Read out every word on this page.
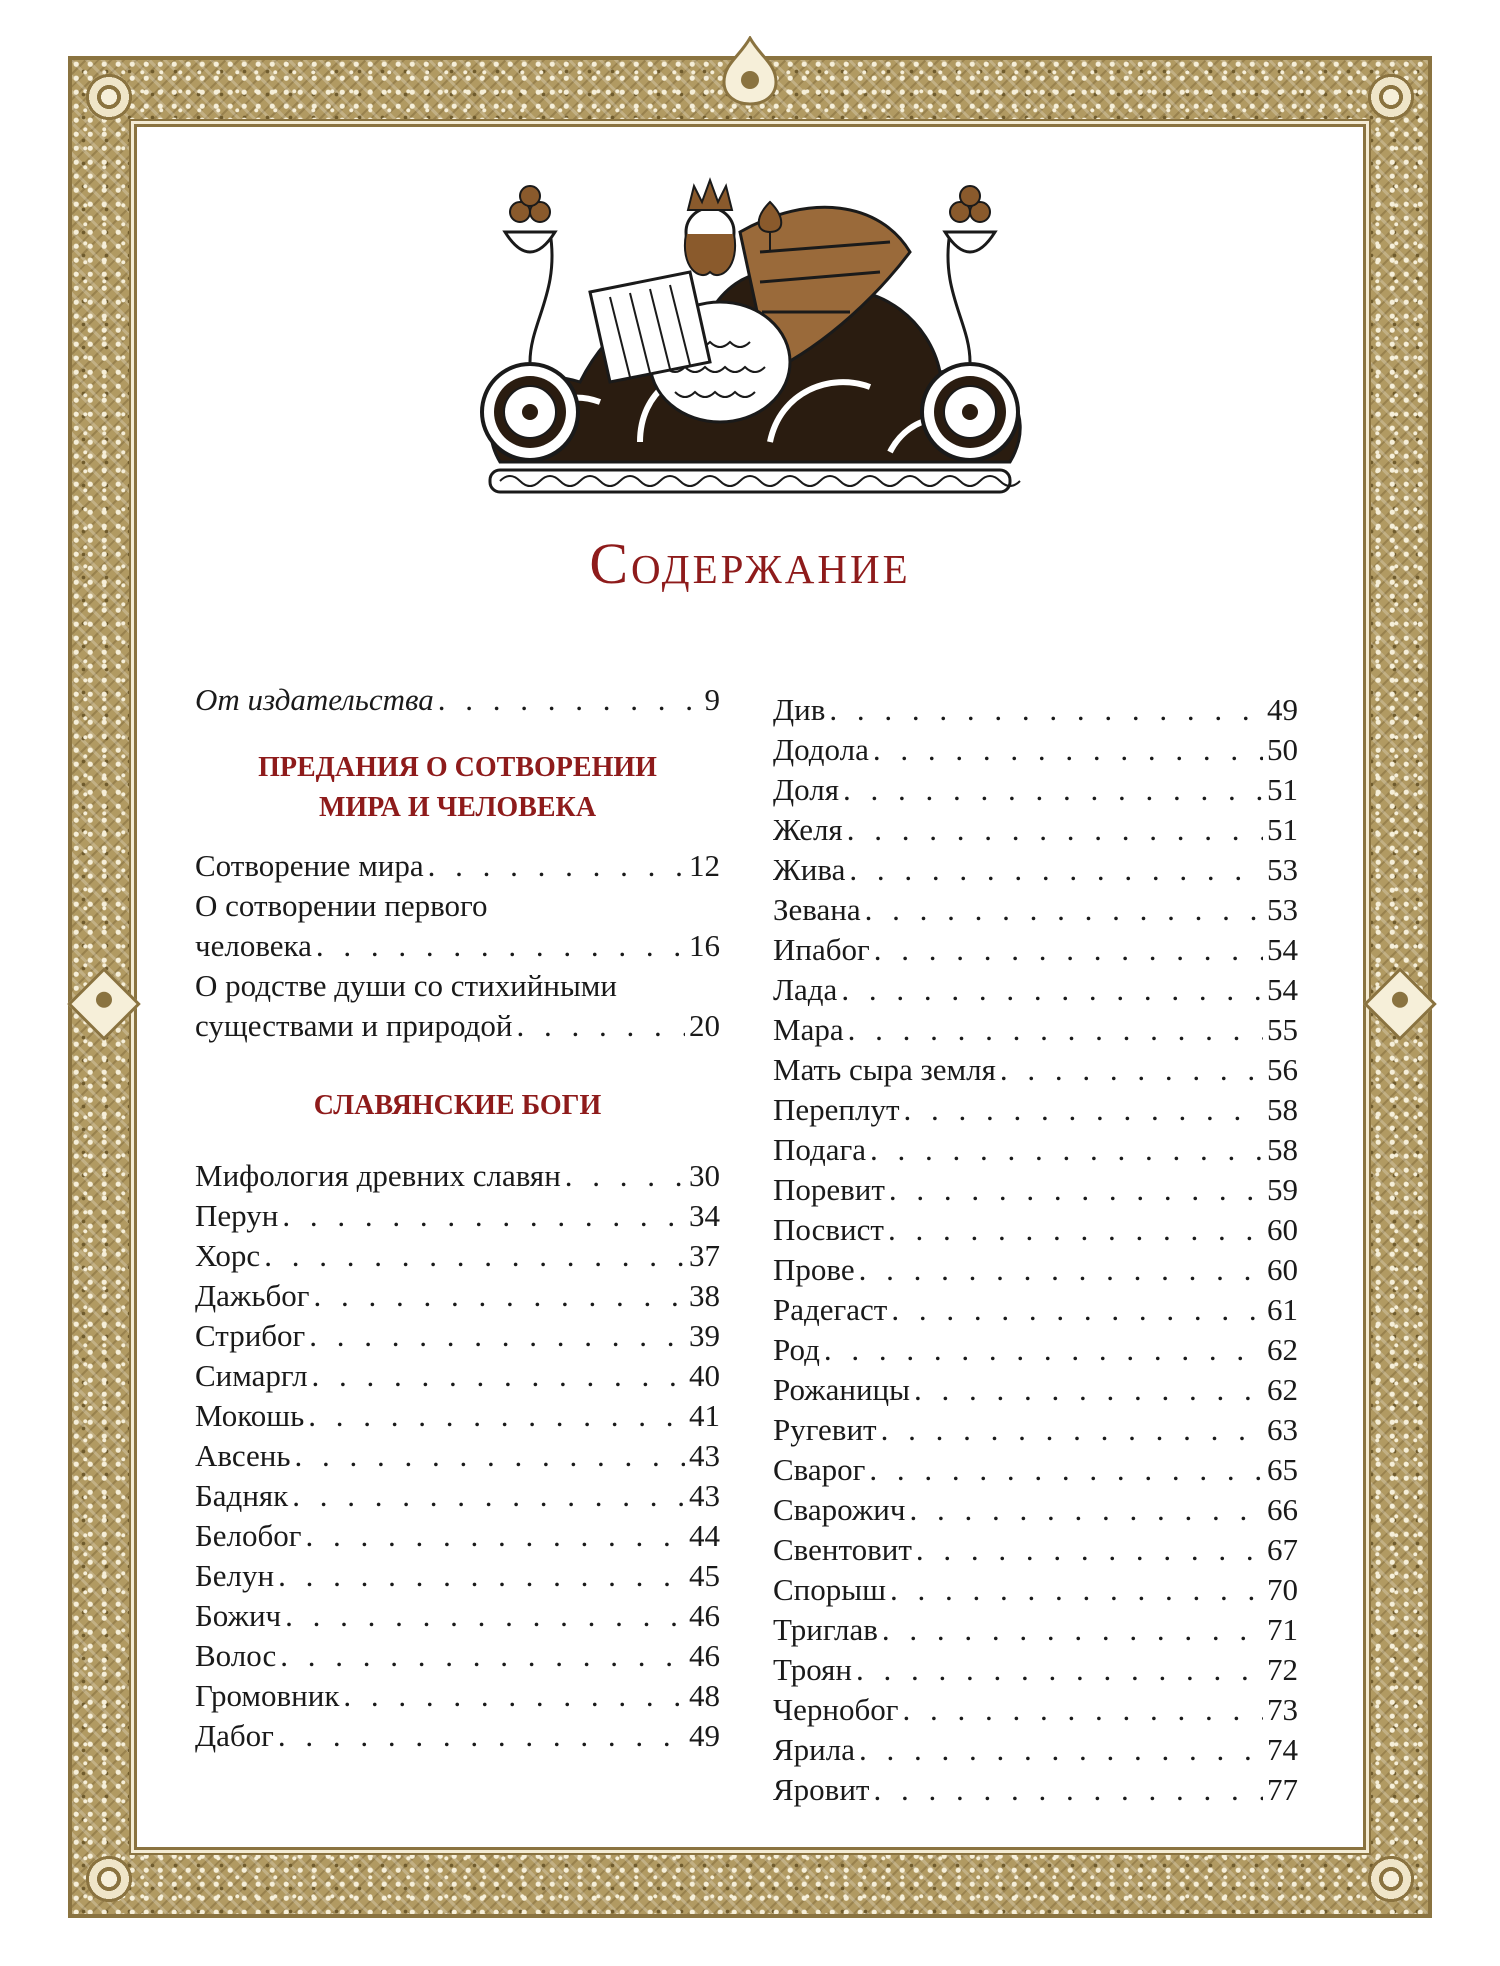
Содержание
От издательства . . .	9
ПРЕДАНИЯ О СОТВОРЕНИИ
МИРА И ЧЕЛОВЕКА
Сотворение мира . . .	12
О сотворении первого
человека . . .	16
О родстве души со стихийными
существами и природой . . .	20
СЛАВЯНСКИЕ БОГИ
Мифология древних славян . . .	30
Перун . . .	34
Хорс . . .	37
Дажьбог . . .	38
Стрибог . . .	39
Симаргл . . .	40
Мокошь . . .	41
Авсень . . .	43
Бадняк . . .	43
Белобог . . .	44
Белун . . .	45
Божич . . .	46
Волос . . .	46
Громовник . . .	48
Дабог . . .	49
Див . . .	49
Додола . . .	50
Доля . . .	51
Желя . . .	51
Жива . . .	53
Зевана . . .	53
Ипабог . . .	54
Лада . . .	54
Мара . . .	55
Мать сыра земля . . .	56
Переплут . . .	58
Подага . . .	58
Поревит . . .	59
Посвист . . .	60
Прове . . .	60
Радегаст . . .	61
Род . . .	62
Рожаницы . . .	62
Ругевит . . .	63
Сварог . . .	65
Сварожич . . .	66
Свентовит . . .	67
Спорыш . . .	70
Триглав . . .	71
Троян . . .	72
Чернобог . . .	73
Ярила . . .	74
Яровит . . .	77
